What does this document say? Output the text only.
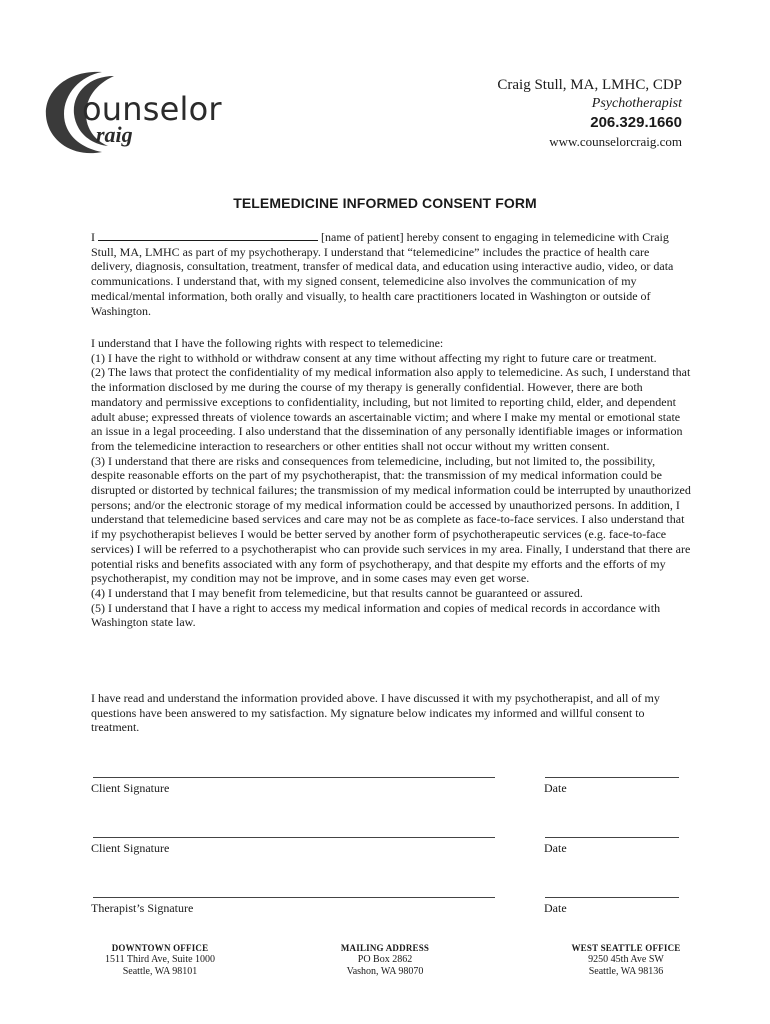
ounselor
raig
Craig Stull, MA, LMHC, CDP
Psychotherapist
206.329.1660
www.counselorcraig.com
TELEMEDICINE INFORMED CONSENT FORM

I	[name of patient] hereby consent to engaging in telemedicine with Craig Stull, MA, LMHC as part of my psychotherapy. I understand that “telemedicine” includes the practice of health care delivery, diagnosis, consultation, treatment, transfer of medical data, and education using interactive audio, video, or data communications. I understand that, with my signed consent, telemedicine also involves the communication of my medical/mental information, both orally and visually, to health care practitioners located in Washington or outside of Washington.

I understand that I have the following rights with respect to telemedicine:

(1) I have the right to withhold or withdraw consent at any time without affecting my right to future care or treatment.

(2) The laws that protect the confidentiality of my medical information also apply to telemedicine. As such, I understand that the information disclosed by me during the course of my therapy is generally confidential. However, there are both mandatory and permissive exceptions to confidentiality, including, but not limited to reporting child, elder, and dependent adult abuse; expressed threats of violence towards an ascertainable victim; and where I make my mental or emotional state an issue in a legal proceeding. I also understand that the dissemination of any personally identifiable images or information from the telemedicine interaction to researchers or other entities shall not occur without my written consent.

(3) I understand that there are risks and consequences from telemedicine, including, but not limited to, the possibility, despite reasonable efforts on the part of my psychotherapist, that: the transmission of my medical information could be disrupted or distorted by technical failures; the transmission of my medical information could be interrupted by unauthorized persons; and/or the electronic storage of my medical information could be accessed by unauthorized persons. In addition, I understand that telemedicine based services and care may not be as complete as face-to-face services. I also understand that if my psychotherapist believes I would be better served by another form of psychotherapeutic services (e.g. face-to-face services) I will be referred to a psychotherapist who can provide such services in my area. Finally, I understand that there are potential risks and benefits associated with any form of psychotherapy, and that despite my efforts and the efforts of my psychotherapist, my condition may not be improve, and in some cases may even get worse.

(4) I understand that I may benefit from telemedicine, but that results cannot be guaranteed or assured.

(5) I understand that I have a right to access my medical information and copies of medical records in accordance with Washington state law.

I have read and understand the information provided above. I have discussed it with my psychotherapist, and all of my questions have been answered to my satisfaction. My signature below indicates my informed and willful consent to treatment.
Client Signature	Date
Client Signature	Date
Therapist’s Signature	Date
DOWNTOWN OFFICE
1511 Third Ave, Suite 1000
Seattle, WA 98101
MAILING ADDRESS
PO Box 2862
Vashon, WA 98070
WEST SEATTLE OFFICE
9250 45th Ave SW
Seattle, WA 98136
